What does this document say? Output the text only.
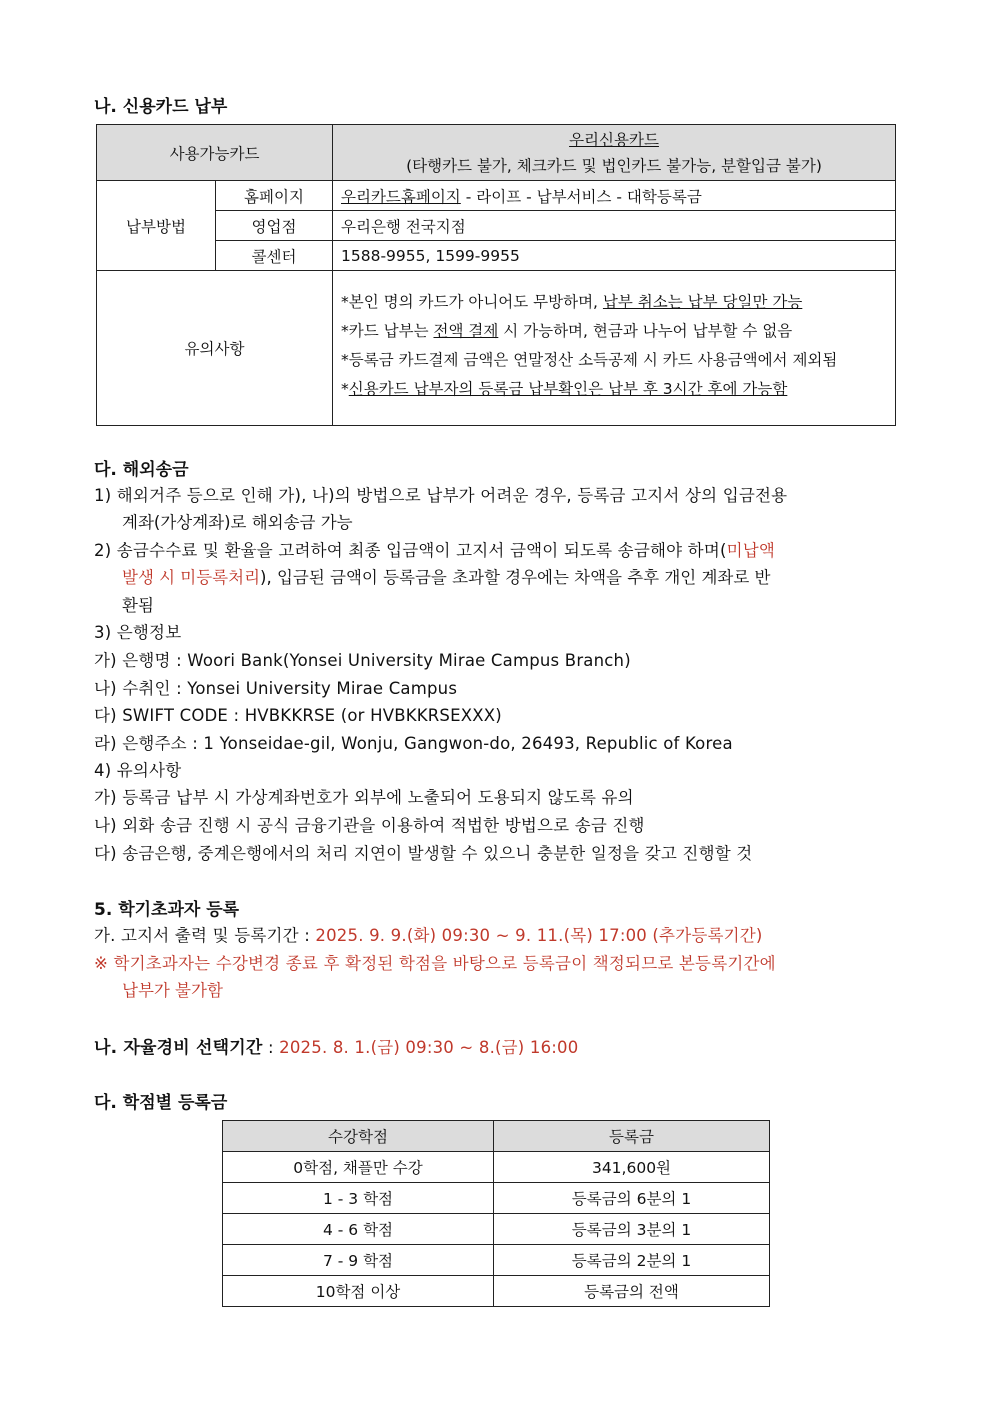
나. 신용카드 납부
사용가능카드		우리신용카드
(타행카드 불가, 체크카드 및 법인카드 불가능, 분할입금 불가)

납부방법	홈페이지	우리카드홈페이지 - 라이프 - 납부서비스 - 대학등록금
	영업점	우리은행 전국지점
	콜센터	1588-9955, 1599-9955
유의사항		*본인 명의 카드가 아니어도 무방하며, 납부 취소는 납부 당일만 가능
*카드 납부는 전액 결제 시 가능하며, 현금과 나누어 납부할 수 없음
*등록금 카드결제 금액은 연말정산 소득공제 시 카드 사용금액에서 제외됨
*신용카드 납부자의 등록금 납부확인은 납부 후 3시간 후에 가능함
다. 해외송금
1) 해외거주 등으로 인해 가), 나)의 방법으로 납부가 어려운 경우, 등록금 고지서 상의 입금전용
계좌(가상계좌)로 해외송금 가능
2) 송금수수료 및 환율을 고려하여 최종 입금액이 고지서 금액이 되도록 송금해야 하며(미납액
발생 시 미등록처리), 입금된 금액이 등록금을 초과할 경우에는 차액을 추후 개인 계좌로 반
환됨
3) 은행정보
가) 은행명 : Woori Bank(Yonsei University Mirae Campus Branch)
나) 수취인 : Yonsei University Mirae Campus
다) SWIFT CODE : HVBKKRSE (or HVBKKRSEXXX)
라) 은행주소 : 1 Yonseidae-gil, Wonju, Gangwon-do, 26493, Republic of Korea
4) 유의사항
가) 등록금 납부 시 가상계좌번호가 외부에 노출되어 도용되지 않도록 유의
나) 외화 송금 진행 시 공식 금융기관을 이용하여 적법한 방법으로 송금 진행
다) 송금은행, 중계은행에서의 처리 지연이 발생할 수 있으니 충분한 일정을 갖고 진행할 것
5. 학기초과자 등록
가. 고지서 출력 및 등록기간 : 2025. 9. 9.(화) 09:30 ~ 9. 11.(목) 17:00 (추가등록기간)
※ 학기초과자는 수강변경 종료 후 확정된 학점을 바탕으로 등록금이 책정되므로 본등록기간에
납부가 불가함
나. 자율경비 선택기간 : 2025. 8. 1.(금) 09:30 ~ 8.(금) 16:00
다. 학점별 등록금
수강학점	등록금
0학점, 채플만 수강	341,600원
1 - 3 학점	등록금의 6분의 1
4 - 6 학점	등록금의 3분의 1
7 - 9 학점	등록금의 2분의 1
10학점 이상	등록금의 전액
